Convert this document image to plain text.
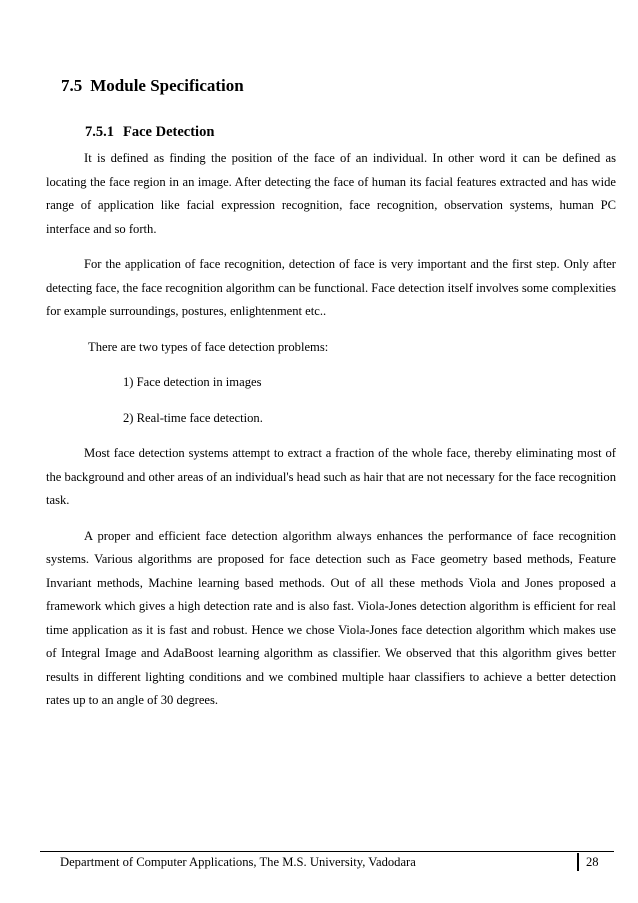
7.5 Module Specification
7.5.1 Face Detection

It is defined as finding the position of the face of an individual. In other word it can be defined as locating the face region in an image. After detecting the face of human its facial features extracted and has wide range of application like facial expression recognition, face recognition, observation systems, human PC interface and so forth.

For the application of face recognition, detection of face is very important and the first step. Only after detecting face, the face recognition algorithm can be functional. Face detection itself involves some complexities for example surroundings, postures, enlightenment etc..

There are two types of face detection problems:

1) Face detection in images

2) Real-time face detection.

Most face detection systems attempt to extract a fraction of the whole face, thereby eliminating most of the background and other areas of an individual's head such as hair that are not necessary for the face recognition task.

A proper and efficient face detection algorithm always enhances the performance of face recognition systems. Various algorithms are proposed for face detection such as Face geometry based methods, Feature Invariant methods, Machine learning based methods. Out of all these methods Viola and Jones proposed a framework which gives a high detection rate and is also fast. Viola-Jones detection algorithm is efficient for real time application as it is fast and robust. Hence we chose Viola-Jones face detection algorithm which makes use of Integral Image and AdaBoost learning algorithm as classifier. We observed that this algorithm gives better results in different lighting conditions and we combined multiple haar classifiers to achieve a better detection rates up to an angle of 30 degrees.

Department of Computer Applications, The M.S. University, Vadodara	28
